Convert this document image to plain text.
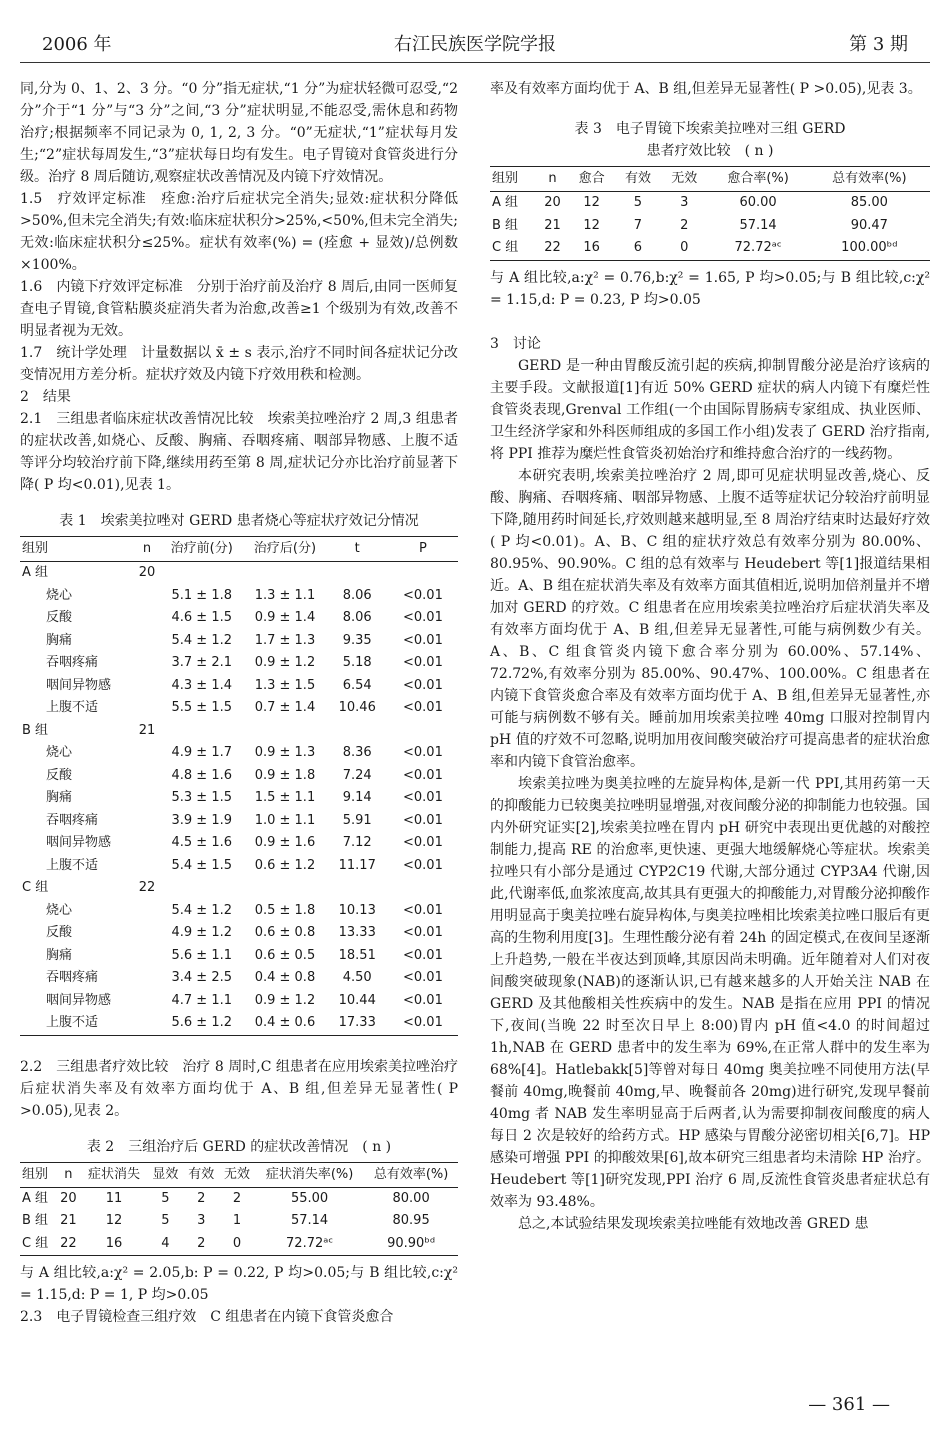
2006 年	右江民族医学院学报	第 3 期

同,分为 0、1、2、3 分。“0 分”指无症状,“1 分”为症状轻微可忍受,“2 分”介于“1 分”与“3 分”之间,“3 分”症状明显,不能忍受,需休息和药物治疗;根据频率不同记录为 0, 1, 2, 3 分。“0”无症状,“1”症状每月发生;“2”症状每周发生,“3”症状每日均有发生。电子胃镜对食管炎进行分级。治疗 8 周后随访,观察症状改善情况及内镜下疗效情况。

1.5　疗效评定标准　痊愈:治疗后症状完全消失;显效:症状积分降低>50%,但未完全消失;有效:临床症状积分>25%,<50%,但未完全消失;无效:临床症状积分≤25%。症状有效率(%) = (痊愈 + 显效)/总例数×100%。

1.6　内镜下疗效评定标准　分别于治疗前及治疗 8 周后,由同一医师复查电子胃镜,食管粘膜炎症消失者为治愈,改善≥1 个级别为有效,改善不明显者视为无效。

1.7　统计学处理　计量数据以 x̄ ± s 表示,治疗不同时间各症状记分改变情况用方差分析。症状疗效及内镜下疗效用秩和检测。

2　结果

2.1　三组患者临床症状改善情况比较　埃索美拉唑治疗 2 周,3 组患者的症状改善,如烧心、反酸、胸痛、吞咽疼痛、咽部异物感、上腹不适等评分均较治疗前下降,继续用药至第 8 周,症状记分亦比治疗前显著下降( P 均<0.01),见表 1。

表 1　埃索美拉唑对 GERD 患者烧心等症状疗效记分情况
组别	n	治疗前(分)	治疗后(分)	t	P
A 组	20				
烧心		5.1 ± 1.8	1.3 ± 1.1	8.06	<0.01
反酸		4.6 ± 1.5	0.9 ± 1.4	8.06	<0.01
胸痛		5.4 ± 1.2	1.7 ± 1.3	9.35	<0.01
吞咽疼痛		3.7 ± 2.1	0.9 ± 1.2	5.18	<0.01
咽间异物感		4.3 ± 1.4	1.3 ± 1.5	6.54	<0.01
上腹不适		5.5 ± 1.5	0.7 ± 1.4	10.46	<0.01
B 组	21				
烧心		4.9 ± 1.7	0.9 ± 1.3	8.36	<0.01
反酸		4.8 ± 1.6	0.9 ± 1.8	7.24	<0.01
胸痛		5.3 ± 1.5	1.5 ± 1.1	9.14	<0.01
吞咽疼痛		3.9 ± 1.9	1.0 ± 1.1	5.91	<0.01
咽间异物感		4.5 ± 1.6	0.9 ± 1.6	7.12	<0.01
上腹不适		5.4 ± 1.5	0.6 ± 1.2	11.17	<0.01
C 组	22				
烧心		5.4 ± 1.2	0.5 ± 1.8	10.13	<0.01
反酸		4.9 ± 1.2	0.6 ± 0.8	13.33	<0.01
胸痛		5.6 ± 1.1	0.6 ± 0.5	18.51	<0.01
吞咽疼痛		3.4 ± 2.5	0.4 ± 0.8	4.50	<0.01
咽间异物感		4.7 ± 1.1	0.9 ± 1.2	10.44	<0.01
上腹不适		5.6 ± 1.2	0.4 ± 0.6	17.33	<0.01

2.2　三组患者疗效比较　治疗 8 周时,C 组患者在应用埃索美拉唑治疗后症状消失率及有效率方面均优于 A、B 组,但差异无显著性( P >0.05),见表 2。

表 2　三组治疗后 GERD 的症状改善情况　( n )
组别	n	症状消失	显效	有效	无效	症状消失率(%)	总有效率(%)
A 组	20	11	5	2	2	55.00	80.00
B 组	21	12	5	3	1	57.14	80.95
C 组	22	16	4	2	0	72.72ᵃᶜ	90.90ᵇᵈ

与 A 组比较,a:χ² = 2.05,b: P = 0.22, P 均>0.05;与 B 组比较,c:χ² = 1.15,d: P = 1, P 均>0.05

2.3　电子胃镜检查三组疗效　C 组患者在内镜下食管炎愈合

率及有效率方面均优于 A、B 组,但差异无显著性( P >0.05),见表 3。

表 3　电子胃镜下埃索美拉唑对三组 GERD
患者疗效比较　( n )
组别	n	愈合	有效	无效	愈合率(%)	总有效率(%)
A 组	20	12	5	3	60.00	85.00
B 组	21	12	7	2	57.14	90.47
C 组	22	16	6	0	72.72ᵃᶜ	100.00ᵇᵈ

与 A 组比较,a:χ² = 0.76,b:χ² = 1.65, P 均>0.05;与 B 组比较,c:χ² = 1.15,d: P = 0.23, P 均>0.05

3　讨论

GERD 是一种由胃酸反流引起的疾病,抑制胃酸分泌是治疗该病的主要手段。文献报道[1]有近 50% GERD 症状的病人内镜下有糜烂性食管炎表现,Grenval 工作组(一个由国际胃肠病专家组成、执业医师、卫生经济学家和外科医师组成的多国工作小组)发表了 GERD 治疗指南,将 PPI 推荐为糜烂性食管炎初始治疗和维持愈合治疗的一线药物。

本研究表明,埃索美拉唑治疗 2 周,即可见症状明显改善,烧心、反酸、胸痛、吞咽疼痛、咽部异物感、上腹不适等症状记分较治疗前明显下降,随用药时间延长,疗效则越来越明显,至 8 周治疗结束时达最好疗效( P 均<0.01)。A、B、C 组的症状疗效总有效率分别为 80.00%、80.95%、90.90%。C 组的总有效率与 Heudebert 等[1]报道结果相近。A、B 组在症状消失率及有效率方面其值相近,说明加倍剂量并不增加对 GERD 的疗效。C 组患者在应用埃索美拉唑治疗后症状消失率及有效率方面均优于 A、B 组,但差异无显著性,可能与病例数少有关。A、B、C 组食管炎内镜下愈合率分别为 60.00%、57.14%、72.72%,有效率分别为 85.00%、90.47%、100.00%。C 组患者在内镜下食管炎愈合率及有效率方面均优于 A、B 组,但差异无显著性,亦可能与病例数不够有关。睡前加用埃索美拉唑 40mg 口服对控制胃内 pH 值的疗效不可忽略,说明加用夜间酸突破治疗可提高患者的症状治愈率和内镜下食管治愈率。

埃索美拉唑为奥美拉唑的左旋异构体,是新一代 PPI,其用药第一天的抑酸能力已较奥美拉唑明显增强,对夜间酸分泌的抑制能力也较强。国内外研究证实[2],埃索美拉唑在胃内 pH 研究中表现出更优越的对酸控制能力,提高 RE 的治愈率,更快速、更强大地缓解烧心等症状。埃索美拉唑只有小部分是通过 CYP2C19 代谢,大部分通过 CYP3A4 代谢,因此,代谢率低,血浆浓度高,故其具有更强大的抑酸能力,对胃酸分泌抑酸作用明显高于奥美拉唑右旋异构体,与奥美拉唑相比埃索美拉唑口服后有更高的生物利用度[3]。生理性酸分泌有着 24h 的固定模式,在夜间呈逐渐上升趋势,一般在半夜达到顶峰,其原因尚未明确。近年随着对人们对夜间酸突破现象(NAB)的逐渐认识,已有越来越多的人开始关注 NAB 在 GERD 及其他酸相关性疾病中的发生。NAB 是指在应用 PPI 的情况下,夜间(当晚 22 时至次日早上 8:00)胃内 pH 值<4.0 的时间超过 1h,NAB 在 GERD 患者中的发生率为 69%,在正常人群中的发生率为 68%[4]。Hatlebakk[5]等曾对每日 40mg 奥美拉唑不同使用方法(早餐前 40mg,晚餐前 40mg,早、晚餐前各 20mg)进行研究,发现早餐前 40mg 者 NAB 发生率明显高于后两者,认为需要抑制夜间酸度的病人每日 2 次是较好的给药方式。HP 感染与胃酸分泌密切相关[6,7]。HP 感染可增强 PPI 的抑酸效果[6],故本研究三组患者均未清除 HP 治疗。Heudebert 等[1]研究发现,PPI 治疗 6 周,反流性食管炎患者症状总有效率为 93.48%。

总之,本试验结果发现埃索美拉唑能有效地改善 GRED 患

— 361 —
